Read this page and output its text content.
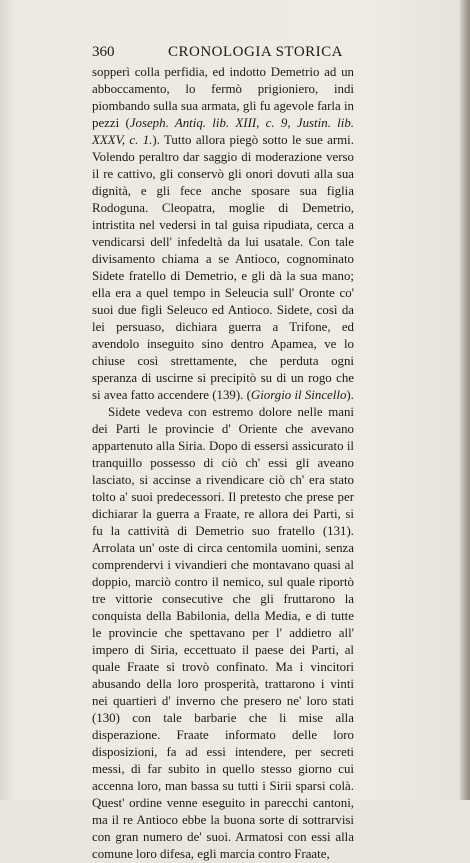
360	CRONOLOGIA STORICA

sopperì colla perfidia, ed indotto Demetrio ad un abboccamento, lo fermò prigioniero, indi piombando sulla sua armata, gli fu agevole farla in pezzi (Joseph. Antiq. lib. XIII, c. 9, Justin. lib. XXXV, c. 1.). Tutto allora piegò sotto le sue armi. Volendo peraltro dar saggio di moderazione verso il re cattivo, gli conservò gli onori dovuti alla sua dignità, e gli fece anche sposare sua figlia Rodoguna. Cleopatra, moglie di Demetrio, intristita nel vedersi in tal guisa ripudiata, cerca a vendicarsi dell' infedeltà da lui usatale. Con tale divisamento chiama a se Antioco, cognominato Sidete fratello di Demetrio, e gli dà la sua mano; ella era a quel tempo in Seleucia sull' Oronte co' suoi due figli Seleuco ed Antioco. Sidete, così da lei persuaso, dichiara guerra a Trifone, ed avendolo inseguito sino dentro Apamea, ve lo chiuse così strettamente, che perduta ogni speranza di uscirne si precipitò su di un rogo che si avea fatto accendere (139). (Giorgio il Sincello).

Sidete vedeva con estremo dolore nelle mani dei Parti le provincie d' Oriente che avevano appartenuto alla Siria. Dopo di essersi assicurato il tranquillo possesso di ciò ch' essi gli aveano lasciato, si accinse a rivendicare ciò ch' era stato tolto a' suoi predecessori. Il pretesto che prese per dichiarar la guerra a Fraate, re allora dei Parti, si fu la cattività di Demetrio suo fratello (131). Arrolata un' oste di circa centomila uomini, senza comprendervi i vivandieri che montavano quasi al doppio, marciò contro il nemico, sul quale riportò tre vittorie consecutive che gli fruttarono la conquista della Babilonia, della Media, e di tutte le provincie che spettavano per l' addietro all' impero di Siria, eccettuato il paese dei Parti, al quale Fraate si trovò confinato. Ma i vincitori abusando della loro prosperità, trattarono i vinti nei quartieri d' inverno che presero ne' loro stati (130) con tale barbarie che li mise alla disperazione. Fraate informato delle loro disposizioni, fa ad essi intendere, per secreti messi, di far subito in quello stesso giorno cui accenna loro, man bassa su tutti i Sirii sparsi colà. Quest' ordine venne eseguito in parecchi cantoni, ma il re Antioco ebbe la buona sorte di sottrarvisi con gran numero de' suoi. Armatosi con essi alla comune loro difesa, egli marcia contro Fraate,
